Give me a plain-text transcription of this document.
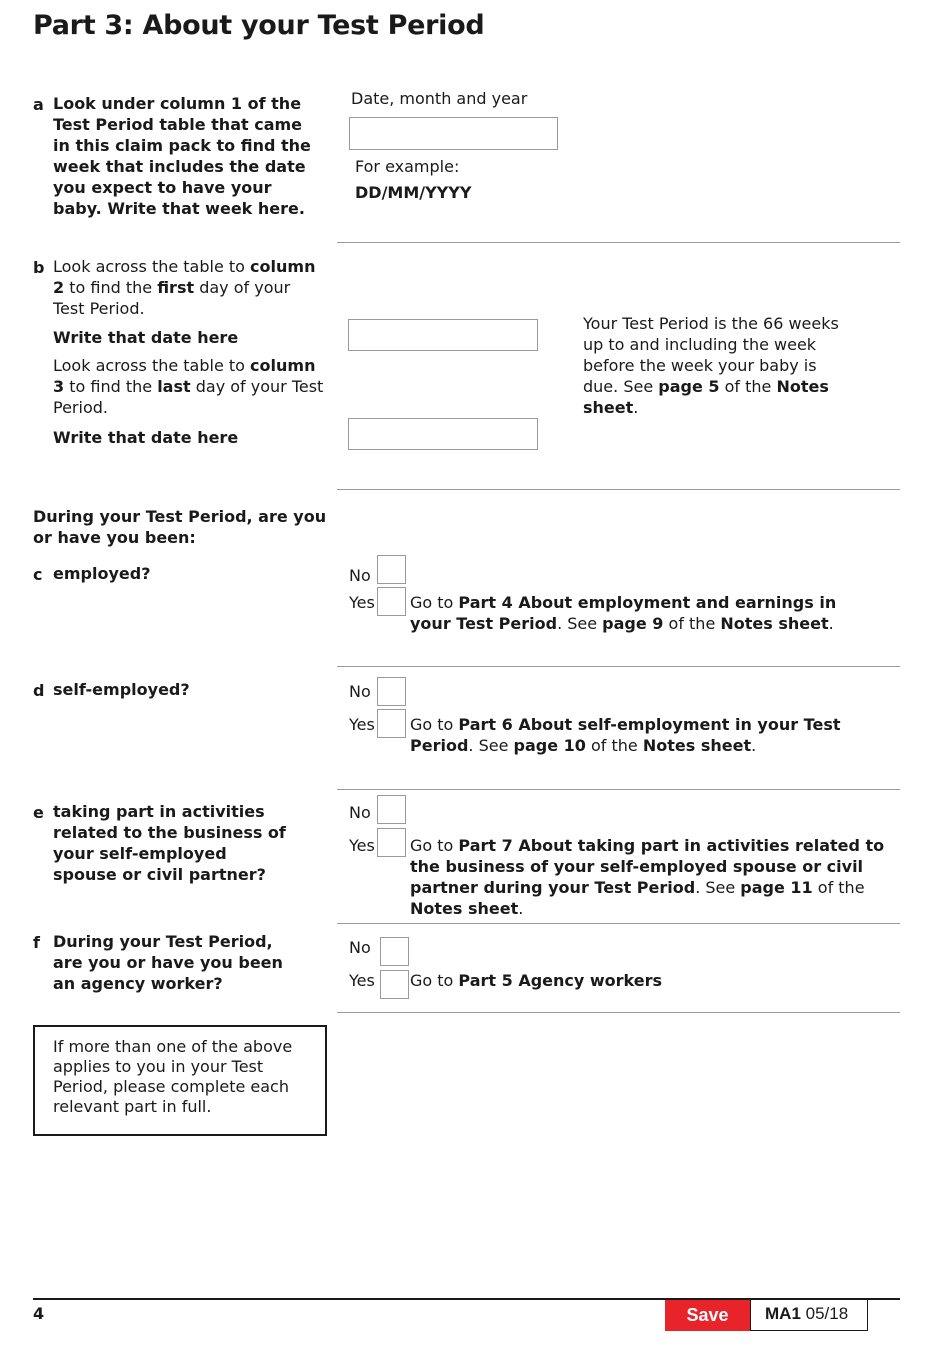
Part 3: About your Test Period
a Look under column 1 of the Test Period table that came in this claim pack to find the week that includes the date you expect to have your baby. Write that week here.
Date, month and year
For example:
DD/MM/YYYY
b Look across the table to column 2 to find the first day of your Test Period.
Write that date here
Look across the table to column 3 to find the last day of your Test Period.
Write that date here
Your Test Period is the 66 weeks up to and including the week before the week your baby is due. See page 5 of the Notes sheet.
During your Test Period, are you or have you been:
c employed?	No
Yes Go to Part 4 About employment and earnings in your Test Period. See page 9 of the Notes sheet.
d self-employed?	No
Yes Go to Part 6 About self-employment in your Test Period. See page 10 of the Notes sheet.
e taking part in activities related to the business of your self-employed spouse or civil partner?
No
Yes Go to Part 7 About taking part in activities related to the business of your self-employed spouse or civil partner during your Test Period. See page 11 of the Notes sheet.
f During your Test Period, are you or have you been an agency worker?
No
Yes Go to Part 5 Agency workers
If more than one of the above applies to you in your Test Period, please complete each relevant part in full.
4	Save	MA1 05/18
